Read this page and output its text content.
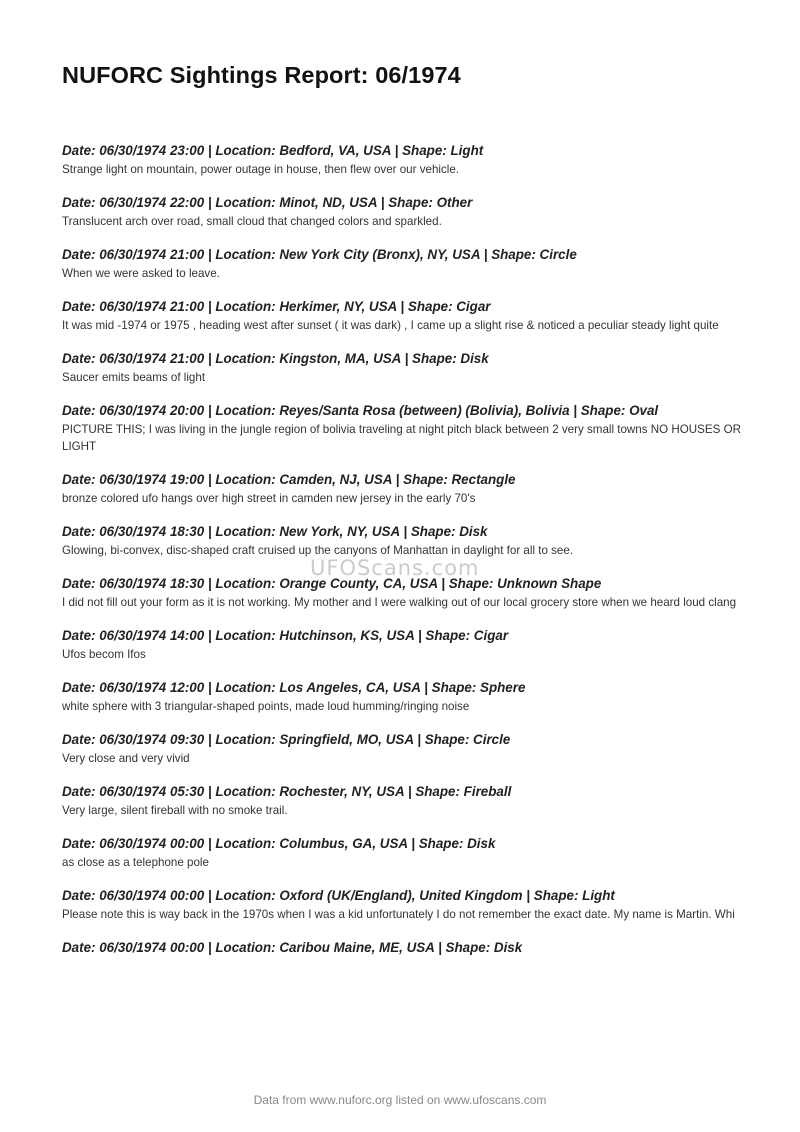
NUFORC Sightings Report: 06/1974

Date: 06/30/1974 23:00 | Location: Bedford, VA, USA | Shape: Light

Strange light on mountain, power outage in house, then flew over our vehicle.

Date: 06/30/1974 22:00 | Location: Minot, ND, USA | Shape: Other

Translucent arch over road, small cloud that changed colors and sparkled.

Date: 06/30/1974 21:00 | Location: New York City (Bronx), NY, USA | Shape: Circle

When we were asked to leave.

Date: 06/30/1974 21:00 | Location: Herkimer, NY, USA | Shape: Cigar

It was mid -1974 or 1975 , heading west after sunset ( it was dark) , I came up a slight rise & noticed a peculiar steady light quite

Date: 06/30/1974 21:00 | Location: Kingston, MA, USA | Shape: Disk

Saucer emits beams of light

Date: 06/30/1974 20:00 | Location: Reyes/Santa Rosa (between) (Bolivia), Bolivia | Shape: Oval

PICTURE THIS; I was living in the jungle region of bolivia traveling at night pitch black between 2 very small towns NO HOUSES OR LIGHT

Date: 06/30/1974 19:00 | Location: Camden, NJ, USA | Shape: Rectangle

bronze colored ufo hangs over high street in camden new jersey in the early 70's

Date: 06/30/1974 18:30 | Location: New York, NY, USA | Shape: Disk

Glowing, bi-convex, disc-shaped craft cruised up the canyons of Manhattan in daylight for all to see.

Date: 06/30/1974 18:30 | Location: Orange County, CA, USA | Shape: Unknown Shape

I did not fill out your form as it is not working. My mother and I were walking out of our local grocery store when we heard loud clang

Date: 06/30/1974 14:00 | Location: Hutchinson, KS, USA | Shape: Cigar

Ufos becom Ifos

Date: 06/30/1974 12:00 | Location: Los Angeles, CA, USA | Shape: Sphere

white sphere with 3 triangular-shaped points, made loud humming/ringing noise

Date: 06/30/1974 09:30 | Location: Springfield, MO, USA | Shape: Circle

Very close and very vivid

Date: 06/30/1974 05:30 | Location: Rochester, NY, USA | Shape: Fireball

Very large, silent fireball with no smoke trail.

Date: 06/30/1974 00:00 | Location: Columbus, GA, USA | Shape: Disk

as close as a telephone pole

Date: 06/30/1974 00:00 | Location: Oxford (UK/England), United Kingdom | Shape: Light

Please note this is way back in the 1970s when I was a kid unfortunately I do not remember the exact date. My name is Martin. Whi

Date: 06/30/1974 00:00 | Location: Caribou Maine, ME, USA | Shape: Disk

UFOScans.com
Data from www.nuforc.org listed on www.ufoscans.com
